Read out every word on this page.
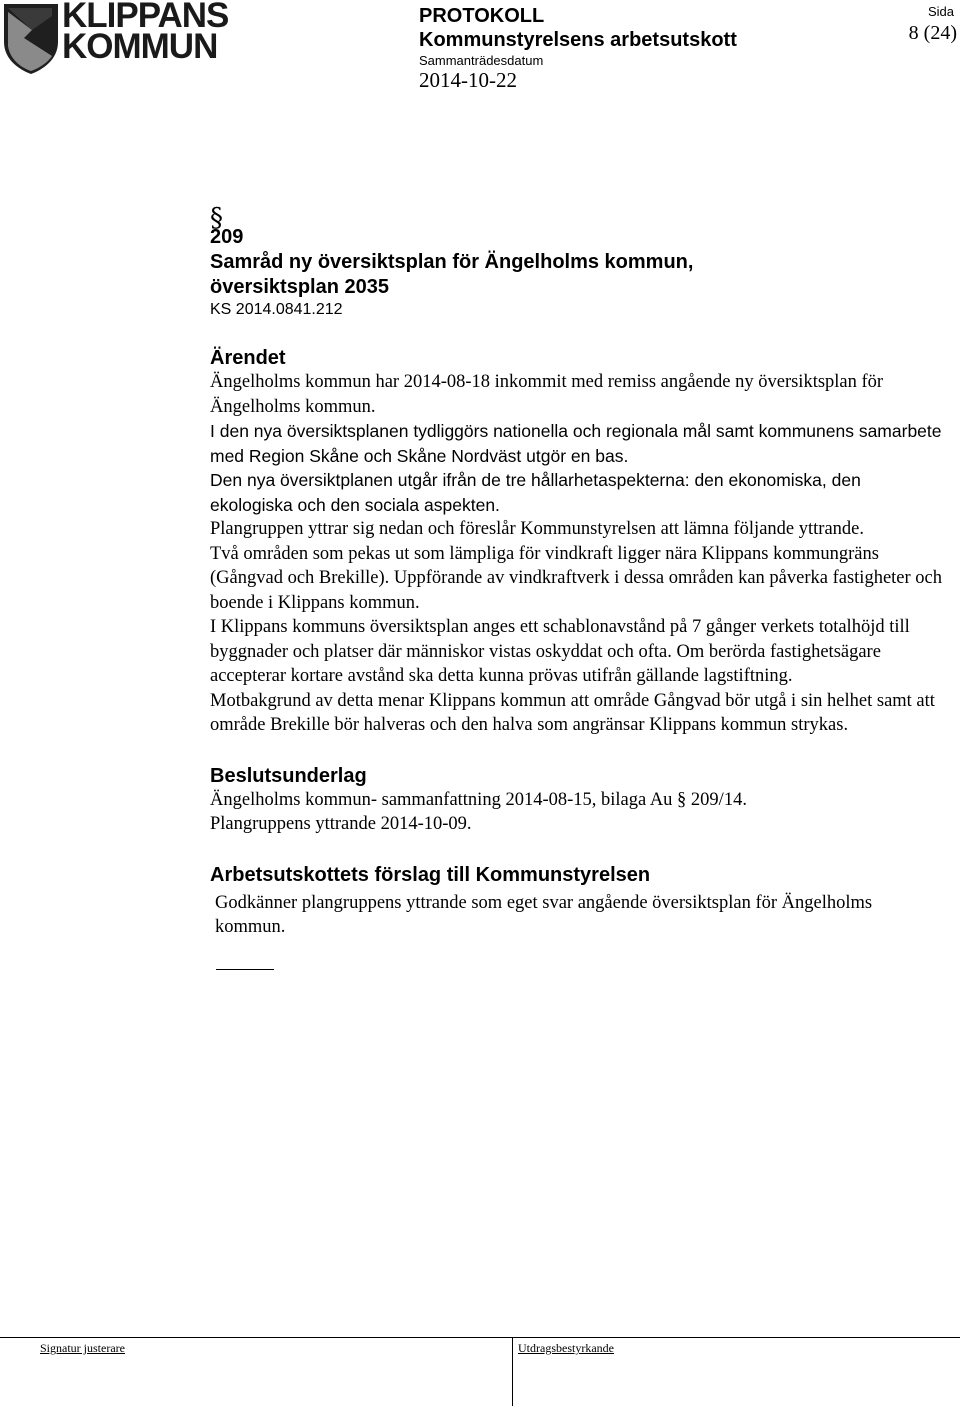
KLIPPANS
KOMMUN
PROTOKOLL
Kommunstyrelsens arbetsutskott
Sammanträdesdatum
2014-10-22
Sida
8 (24)
§
209
Samråd ny översiktsplan för Ängelholms kommun,
översiktsplan 2035
KS 2014.0841.212
Ärendet

Ängelholms kommun har 2014-08-18 inkommit med remiss angående ny översiktsplan för Ängelholms kommun.

I den nya översiktsplanen tydliggörs nationella och regionala mål samt kommunens samarbete med Region Skåne och Skåne Nordväst utgör en bas.

Den nya översiktplanen utgår ifrån de tre hållarhetaspekterna: den ekonomiska, den ekologiska och den sociala aspekten.

Plangruppen yttrar sig nedan och föreslår Kommunstyrelsen att lämna följande yttrande.

Två områden som pekas ut som lämpliga för vindkraft ligger nära Klippans kommungräns (Gångvad och Brekille). Uppförande av vindkraftverk i dessa områden kan påverka fastigheter och boende i Klippans kommun.

I Klippans kommuns översiktsplan anges ett schablonavstånd på 7 gånger verkets totalhöjd till byggnader och platser där människor vistas oskyddat och ofta. Om berörda fastighetsägare accepterar kortare avstånd ska detta kunna prövas utifrån gällande lagstiftning.

Motbakgrund av detta menar Klippans kommun att område Gångvad bör utgå i sin helhet samt att område Brekille bör halveras och den halva som angränsar Klippans kommun strykas.

Beslutsunderlag

Ängelholms kommun- sammanfattning 2014-08-15, bilaga Au § 209/14.

Plangruppens yttrande 2014-10-09.

Arbetsutskottets förslag till Kommunstyrelsen

Godkänner plangruppens yttrande som eget svar angående översiktsplan för Ängelholms kommun.

Signatur justerare	Utdragsbestyrkande
